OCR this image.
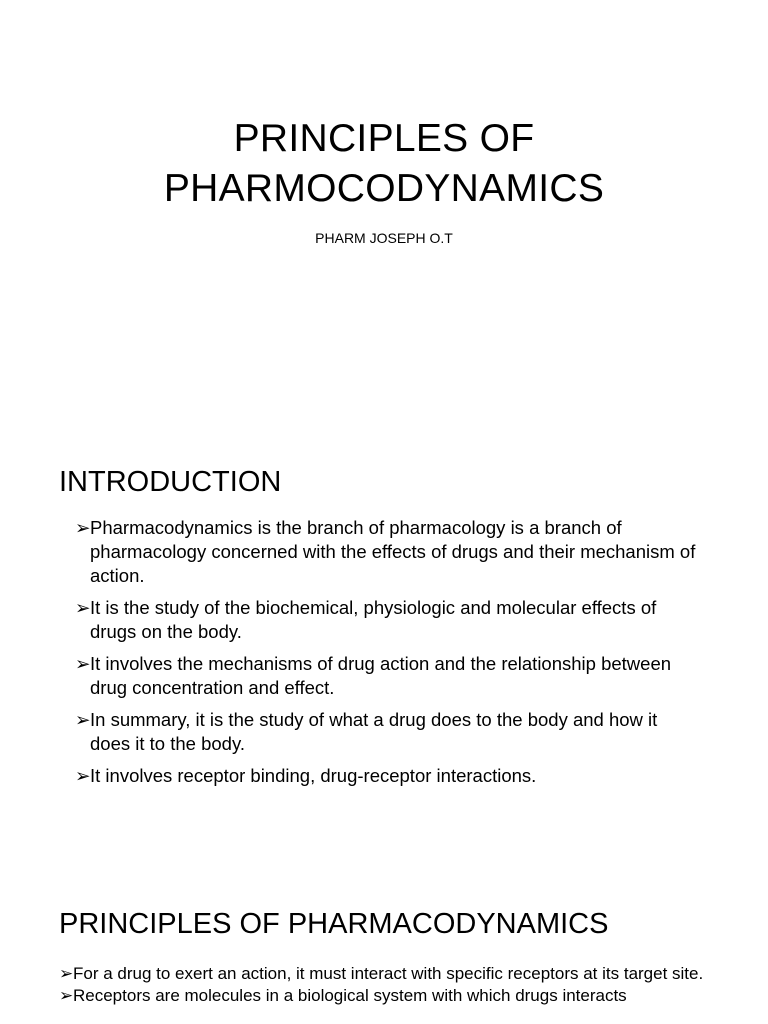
PRINCIPLES OF
PHARMOCODYNAMICS

PHARM JOSEPH O.T

INTRODUCTION
➢ Pharmacodynamics is the branch of pharmacology is a branch of pharmacology concerned with the effects of drugs and their mechanism of action.
➢ It is the study of the biochemical, physiologic and molecular effects of drugs on the body.
➢ It involves the mechanisms of drug action and the relationship between drug concentration and effect.
➢ In summary, it is the study of what a drug does to the body and how it does it to the body.
➢ It involves receptor binding, drug-receptor interactions.
PRINCIPLES OF PHARMACODYNAMICS
➢ For a drug to exert an action, it must interact with specific receptors at its target site.
➢ Receptors are molecules in a biological system with which drugs interacts
